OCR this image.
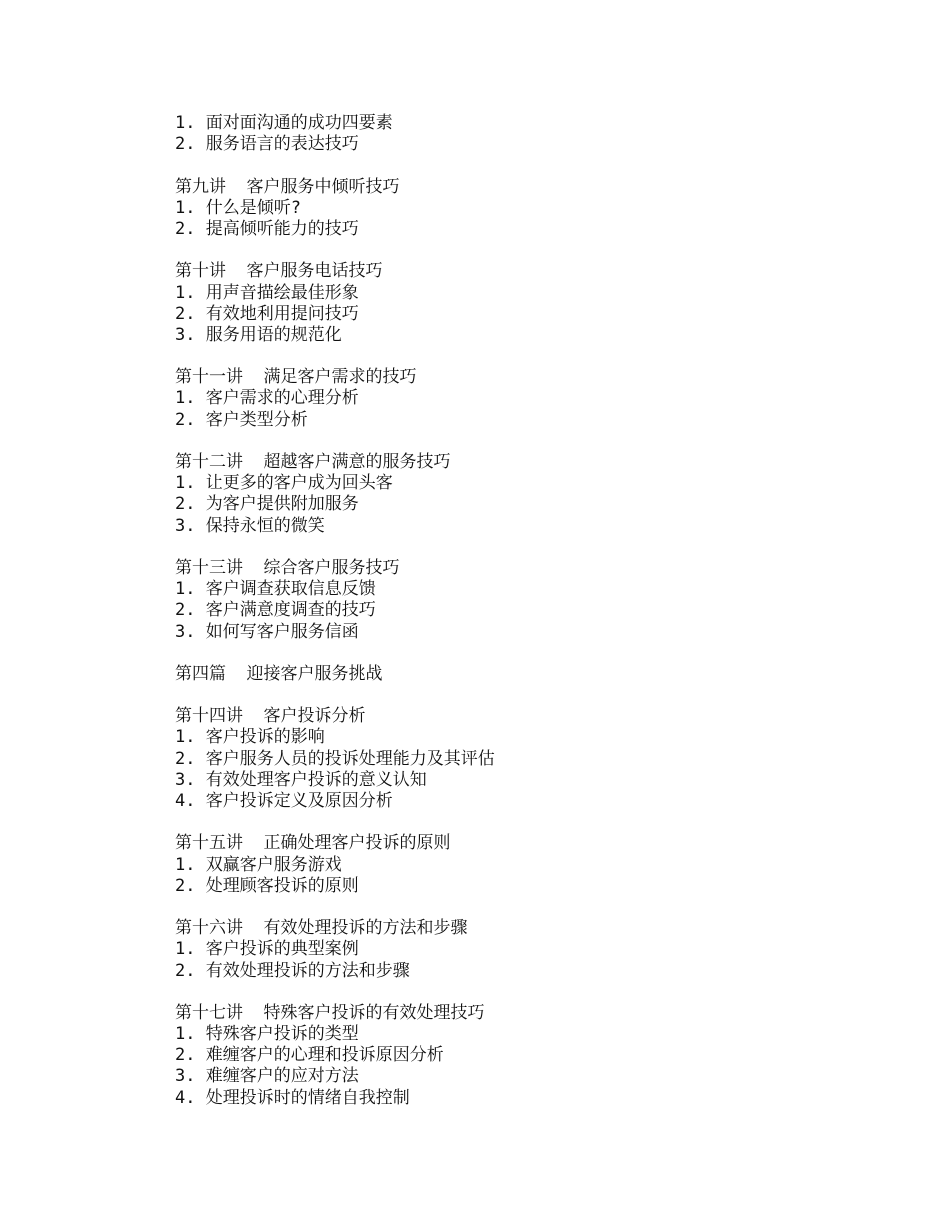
1. 面对面沟通的成功四要素
2. 服务语言的表达技巧
第九讲  客户服务中倾听技巧
1. 什么是倾听?
2. 提高倾听能力的技巧
第十讲  客户服务电话技巧
1. 用声音描绘最佳形象
2. 有效地利用提问技巧
3. 服务用语的规范化
第十一讲  满足客户需求的技巧
1. 客户需求的心理分析
2. 客户类型分析
第十二讲  超越客户满意的服务技巧
1. 让更多的客户成为回头客
2. 为客户提供附加服务
3. 保持永恒的微笑
第十三讲  综合客户服务技巧
1. 客户调查获取信息反馈
2. 客户满意度调查的技巧
3. 如何写客户服务信函
第四篇  迎接客户服务挑战
第十四讲  客户投诉分析
1. 客户投诉的影响
2. 客户服务人员的投诉处理能力及其评估
3. 有效处理客户投诉的意义认知
4. 客户投诉定义及原因分析
第十五讲  正确处理客户投诉的原则
1. 双赢客户服务游戏
2. 处理顾客投诉的原则
第十六讲  有效处理投诉的方法和步骤
1. 客户投诉的典型案例
2. 有效处理投诉的方法和步骤
第十七讲  特殊客户投诉的有效处理技巧
1. 特殊客户投诉的类型
2. 难缠客户的心理和投诉原因分析
3. 难缠客户的应对方法
4. 处理投诉时的情绪自我控制
